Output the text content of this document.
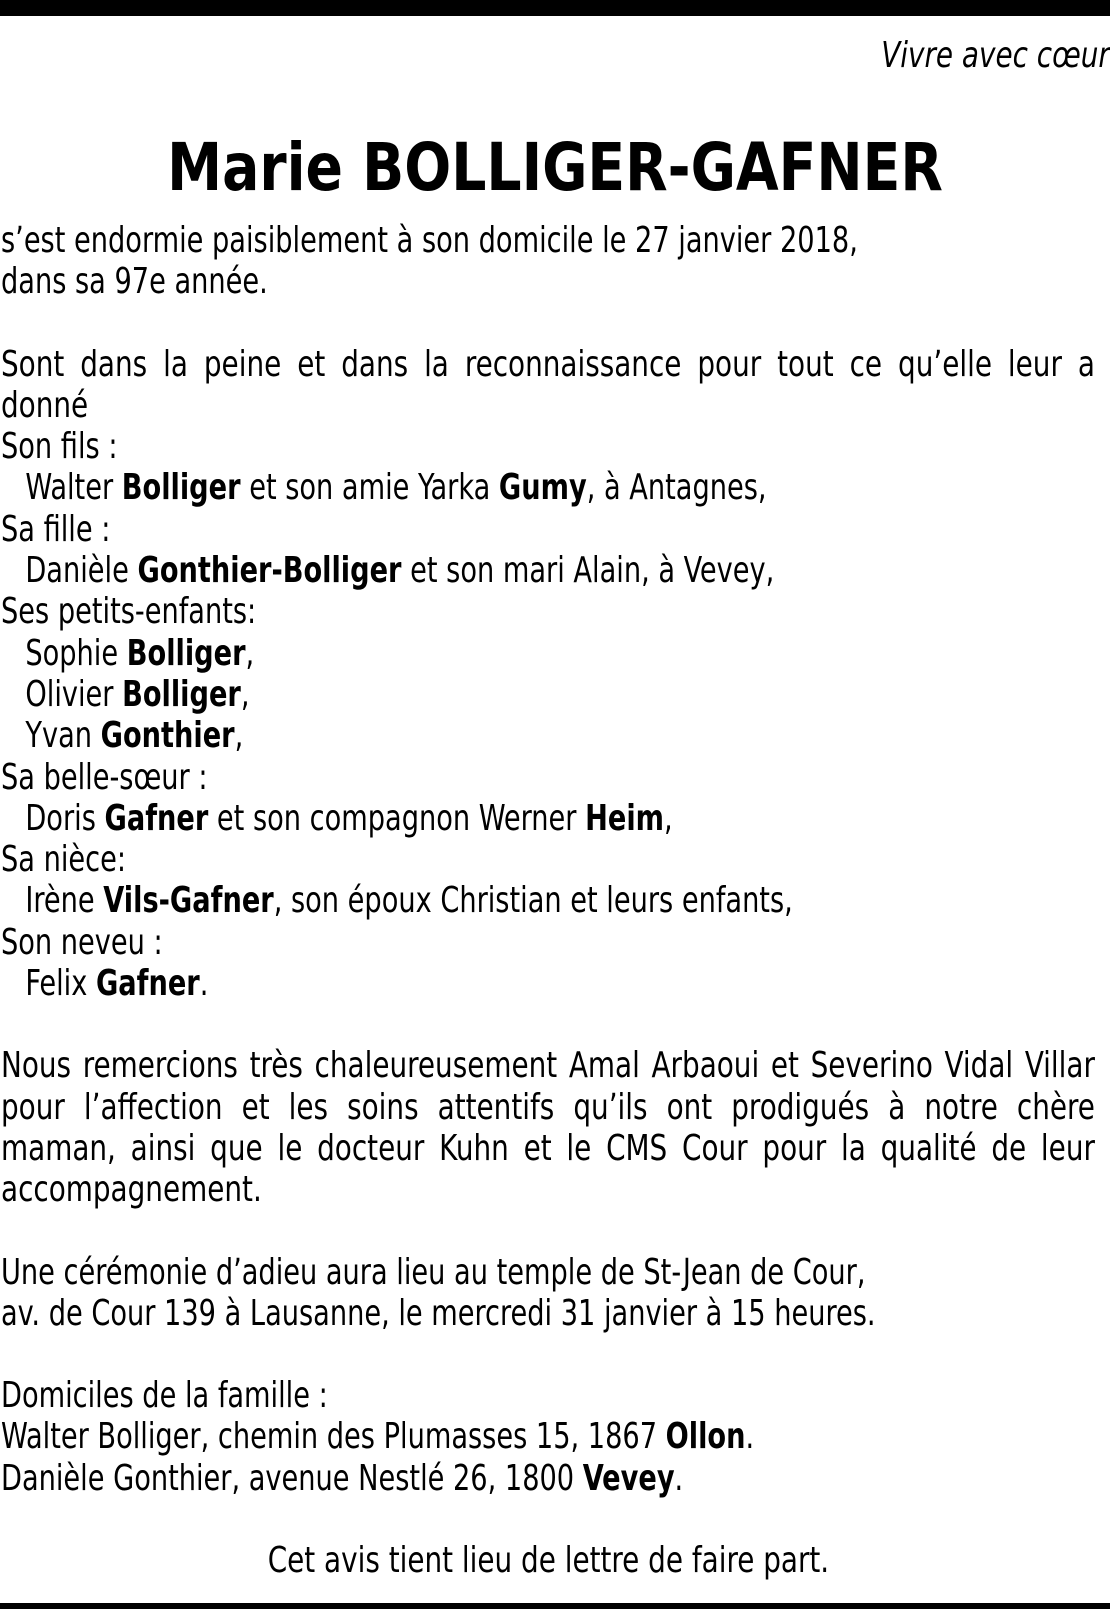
Vivre avec cœur
Marie BOLLIGER-GAFNER

s’est endormie paisiblement à son domicile le 27 janvier 2018,

dans sa 97e année.

Sont dans la peine et dans la reconnaissance pour tout ce qu’elle leur a donné

Son fils :

Walter Bolliger et son amie Yarka Gumy, à Antagnes,

Sa fille :

Danièle Gonthier-Bolliger et son mari Alain, à Vevey,

Ses petits-enfants:

Sophie Bolliger,

Olivier Bolliger,

Yvan Gonthier,

Sa belle-sœur :

Doris Gafner et son compagnon Werner Heim,

Sa nièce:

Irène Vils-Gafner, son époux Christian et leurs enfants,

Son neveu :

Felix Gafner.

Nous remercions très chaleureusement Amal Arbaoui et Severino Vidal Villar pour l’affection et les soins attentifs qu’ils ont prodigués à notre chère maman, ainsi que le docteur Kuhn et le CMS Cour pour la qualité de leur accompagnement.

Une cérémonie d’adieu aura lieu au temple de St-Jean de Cour,

av. de Cour 139 à Lausanne, le mercredi 31 janvier à 15 heures.

Domiciles de la famille :

Walter Bolliger, chemin des Plumasses 15, 1867 Ollon.

Danièle Gonthier, avenue Nestlé 26, 1800 Vevey.

Cet avis tient lieu de lettre de faire part.
